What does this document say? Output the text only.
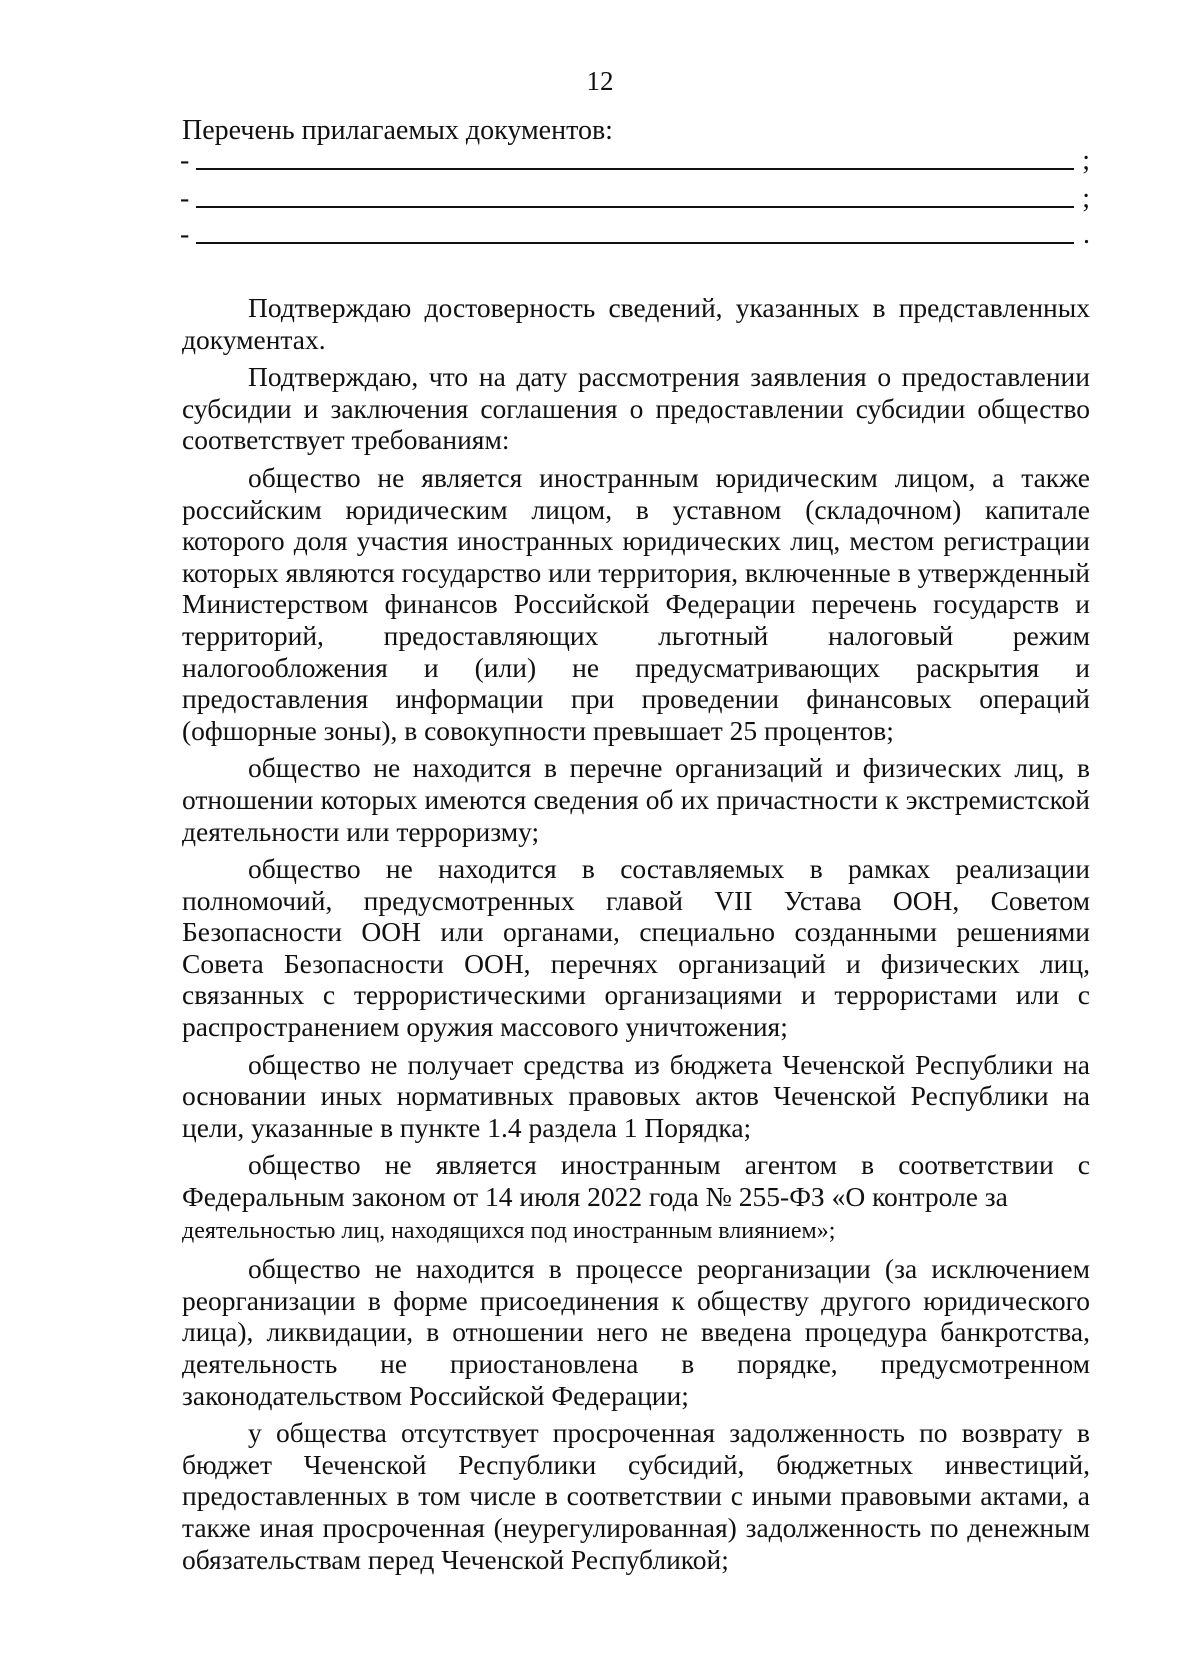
12
Перечень прилагаемых документов:
-	;
-	;
-	.

Подтверждаю достоверность сведений, указанных в представленных документах.

Подтверждаю, что на дату рассмотрения заявления о предоставлении субсидии и заключения соглашения о предоставлении субсидии общество соответствует требованиям:

общество не является иностранным юридическим лицом, а также российским юридическим лицом, в уставном (складочном) капитале которого доля участия иностранных юридических лиц, местом регистрации которых являются государство или территория, включенные в утвержденный Министерством финансов Российской Федерации перечень государств и территорий, предоставляющих льготный налоговый режим налогообложения и (или) не предусматривающих раскрытия и предоставления информации при проведении финансовых операций (офшорные зоны), в совокупности превышает 25 процентов;

общество не находится в перечне организаций и физических лиц, в отношении которых имеются сведения об их причастности к экстремистской деятельности или терроризму;

общество не находится в составляемых в рамках реализации полномочий, предусмотренных главой VII Устава ООН, Советом Безопасности ООН или органами, специально созданными решениями Совета Безопасности ООН, перечнях организаций и физических лиц, связанных с террористическими организациями и террористами или с распространением оружия массового уничтожения;

общество не получает средства из бюджета Чеченской Республики на основании иных нормативных правовых актов Чеченской Республики на цели, указанные в пункте 1.4 раздела 1 Порядка;

общество не является иностранным агентом в соответствии с Федеральным законом от 14 июля 2022 года № 255-ФЗ «О контроле за
деятельностью лиц, находящихся под иностранным влиянием»;

общество не находится в процессе реорганизации (за исключением реорганизации в форме присоединения к обществу другого юридического лица), ликвидации, в отношении него не введена процедура банкротства, деятельность не приостановлена в порядке, предусмотренном законодательством Российской Федерации;

у общества отсутствует просроченная задолженность по возврату в бюджет Чеченской Республики субсидий, бюджетных инвестиций, предоставленных в том числе в соответствии с иными правовыми актами, а также иная просроченная (неурегулированная) задолженность по денежным обязательствам перед Чеченской Республикой;
